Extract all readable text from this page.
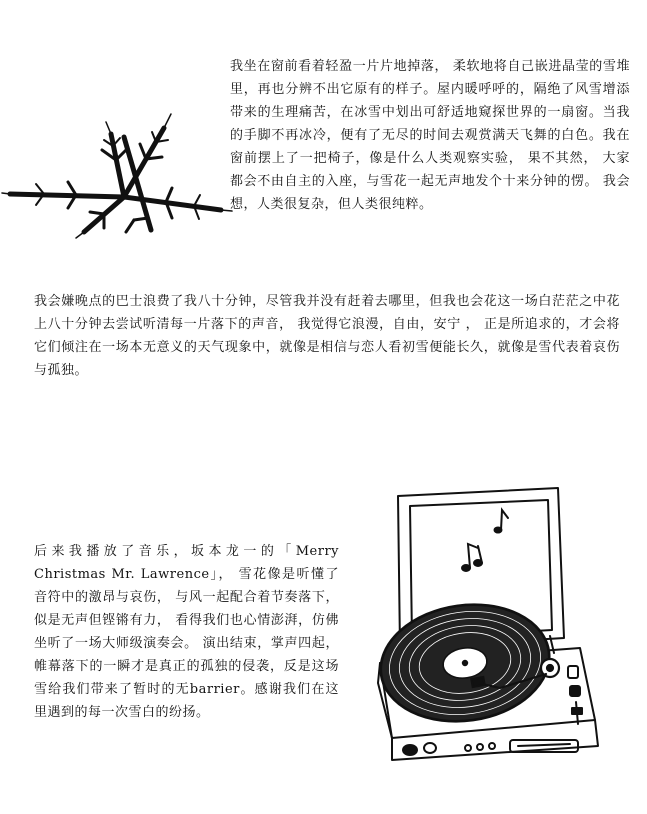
我坐在窗前看着轻盈一片片地掉落， 柔软地将自己嵌进晶莹的雪堆里，再也分辨不出它原有的样子。屋内暖呼呼的，隔绝了风雪增添带来的生理痛苦，在冰雪中划出可舒适地窥探世界的一扇窗。当我的手脚不再冰冷，便有了无尽的时间去观赏满天飞舞的白色。我在窗前摆上了一把椅子，像是什么人类观察实验， 果不其然， 大家都会不由自主的入座，与雪花一起无声地发个十来分钟的愣。 我会想，人类很复杂，但人类很纯粹。

我会嫌晚点的巴士浪费了我八十分钟，尽管我并没有赶着去哪里，但我也会花这一场白茫茫之中花上八十分钟去尝试听清每一片落下的声音， 我觉得它浪漫，自由，安宁 ， 正是所追求的，才会将它们倾注在一场本无意义的天气现象中，就像是相信与恋人看初雪便能长久，就像是雪代表着哀伤与孤独。

后来我播放了音乐，坂本龙一的「Merry Christmas Mr. Lawrence」， 雪花像是听懂了音符中的激昂与哀伤， 与风一起配合着节奏落下， 似是无声但铿锵有力， 看得我们也心情澎湃，仿佛坐听了一场大师级演奏会。 演出结束，掌声四起， 帷幕落下的一瞬才是真正的孤独的侵袭，反是这场雪给我们带来了暂时的无barrier。感谢我们在这里遇到的每一次雪白的纷扬。
